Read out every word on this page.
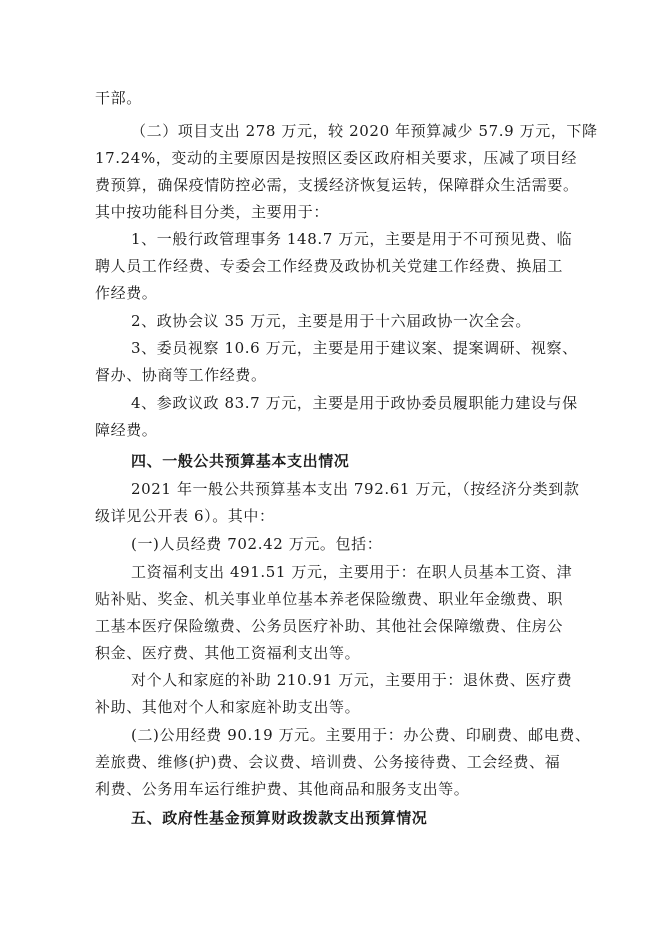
干部。
（二）项目支出 278 万元，较 2020 年预算减少 57.9 万元，下降
17.24%，变动的主要原因是按照区委区政府相关要求，压减了项目经
费预算，确保疫情防控必需，支援经济恢复运转，保障群众生活需要。
其中按功能科目分类，主要用于：
1、一般行政管理事务 148.7 万元，主要是用于不可预见费、临
聘人员工作经费、专委会工作经费及政协机关党建工作经费、换届工
作经费。
2、政协会议 35 万元，主要是用于十六届政协一次全会。
3、委员视察 10.6 万元，主要是用于建议案、提案调研、视察、
督办、协商等工作经费。
4、参政议政 83.7 万元，主要是用于政协委员履职能力建设与保
障经费。
四、一般公共预算基本支出情况
2021 年一般公共预算基本支出 792.61 万元，（按经济分类到款
级详见公开表 6）。其中：
(一)人员经费 702.42 万元。包括：
工资福利支出 491.51 万元，主要用于：在职人员基本工资、津
贴补贴、奖金、机关事业单位基本养老保险缴费、职业年金缴费、职
工基本医疗保险缴费、公务员医疗补助、其他社会保障缴费、住房公
积金、医疗费、其他工资福利支出等。
对个人和家庭的补助 210.91 万元，主要用于：退休费、医疗费
补助、其他对个人和家庭补助支出等。
(二)公用经费 90.19 万元。主要用于：办公费、印刷费、邮电费、
差旅费、维修(护)费、会议费、培训费、公务接待费、工会经费、福
利费、公务用车运行维护费、其他商品和服务支出等。
五、政府性基金预算财政拨款支出预算情况
